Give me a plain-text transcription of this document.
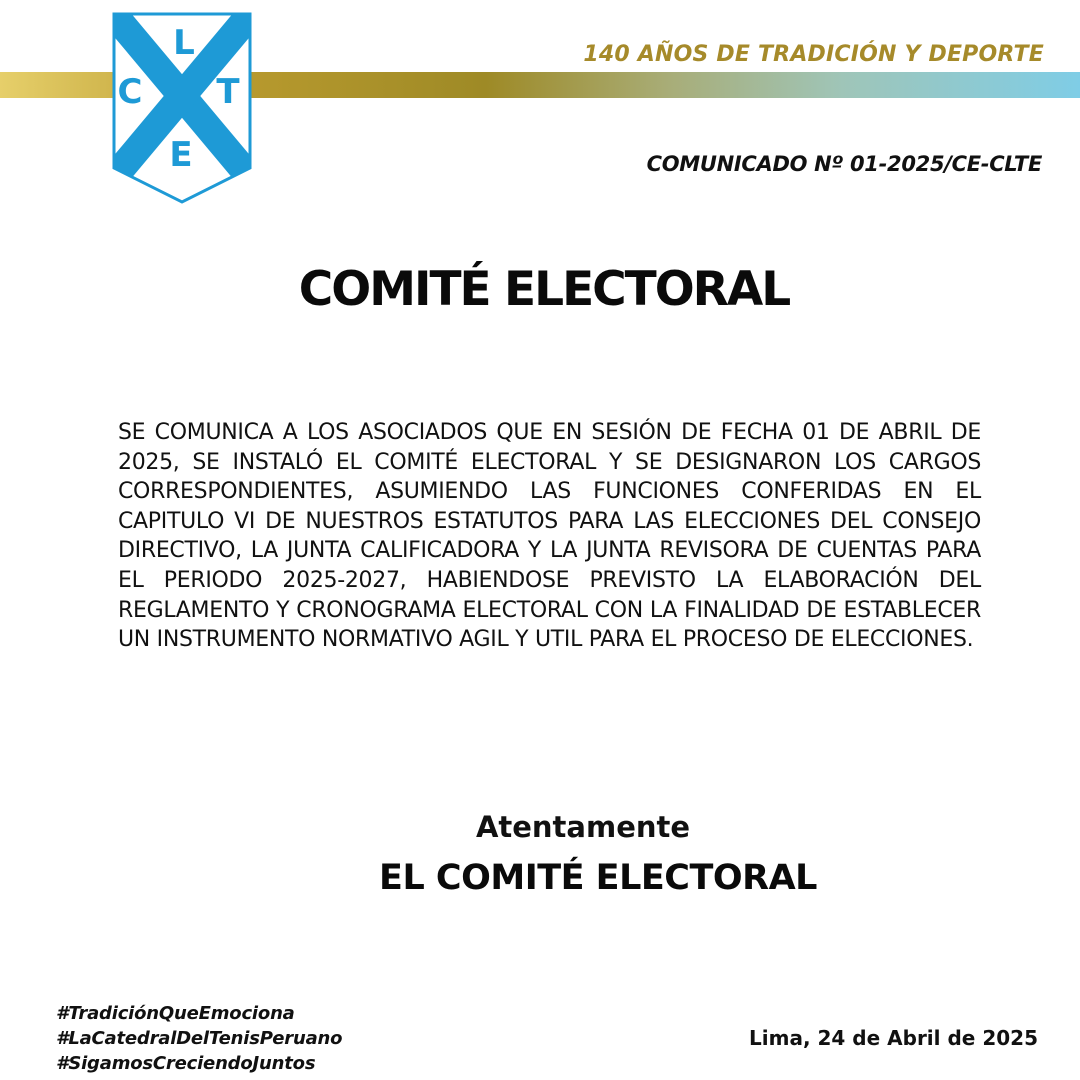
L
C T
E
140 AÑOS DE TRADICIÓN Y DEPORTE
COMUNICADO Nº 01-2025/CE-CLTE
COMITÉ ELECTORAL
SE COMUNICA A LOS ASOCIADOS QUE EN SESIÓN DE FECHA 01 DE ABRIL DE 2025, SE INSTALÓ EL COMITÉ ELECTORAL Y SE DESIGNARON LOS CARGOS CORRESPONDIENTES, ASUMIENDO LAS FUNCIONES CONFERIDAS EN EL CAPITULO VI DE NUESTROS ESTATUTOS PARA LAS ELECCIONES DEL CONSEJO DIRECTIVO, LA JUNTA CALIFICADORA Y LA JUNTA REVISORA DE CUENTAS PARA EL PERIODO 2025-2027, HABIENDOSE PREVISTO LA ELABORACIÓN DEL REGLAMENTO Y CRONOGRAMA ELECTORAL CON LA FINALIDAD DE ESTABLECER UN INSTRUMENTO NORMATIVO AGIL Y UTIL PARA EL PROCESO DE ELECCIONES.
Atentamente
EL COMITÉ ELECTORAL
#TradiciónQueEmociona
#LaCatedralDelTenisPeruano
#SigamosCreciendoJuntos
Lima, 24 de Abril de 2025
